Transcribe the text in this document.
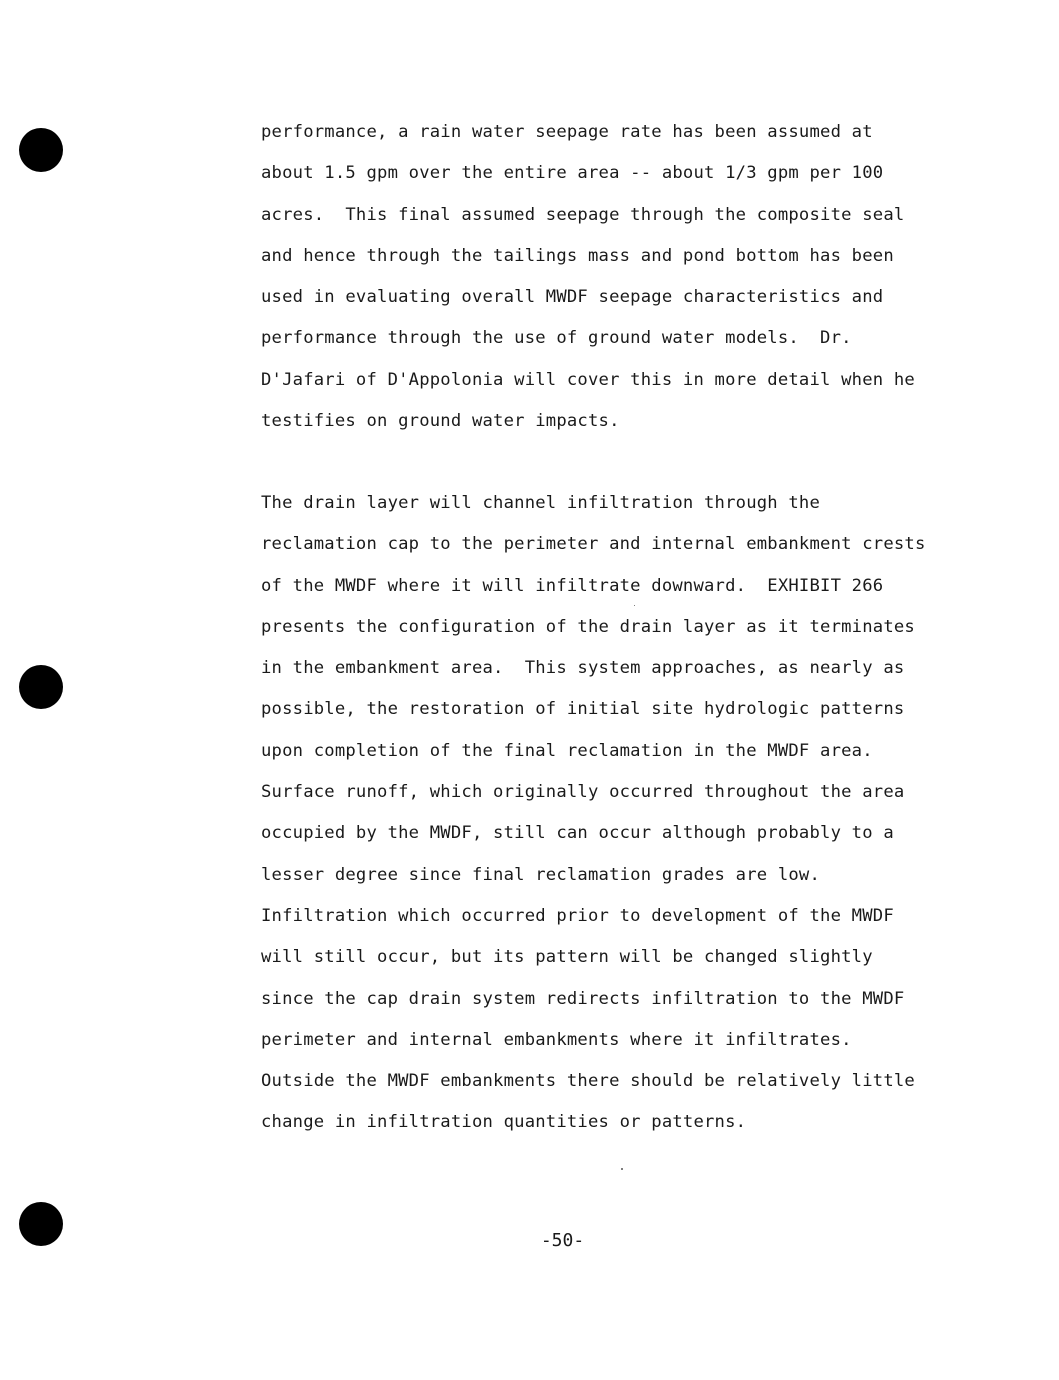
performance, a rain water seepage rate has been assumed at
about 1.5 gpm over the entire area -- about 1/3 gpm per 100
acres.  This final assumed seepage through the composite seal
and hence through the tailings mass and pond bottom has been
used in evaluating overall MWDF seepage characteristics and
performance through the use of ground water models.  Dr.
D'Jafari of D'Appolonia will cover this in more detail when he
testifies on ground water impacts.
The drain layer will channel infiltration through the
reclamation cap to the perimeter and internal embankment crests
of the MWDF where it will infiltrate downward.  EXHIBIT 266
presents the configuration of the drain layer as it terminates
in the embankment area.  This system approaches, as nearly as
possible, the restoration of initial site hydrologic patterns
upon completion of the final reclamation in the MWDF area.
Surface runoff, which originally occurred throughout the area
occupied by the MWDF, still can occur although probably to a
lesser degree since final reclamation grades are low.
Infiltration which occurred prior to development of the MWDF
will still occur, but its pattern will be changed slightly
since the cap drain system redirects infiltration to the MWDF
perimeter and internal embankments where it infiltrates.
Outside the MWDF embankments there should be relatively little
change in infiltration quantities or patterns.
-50-
